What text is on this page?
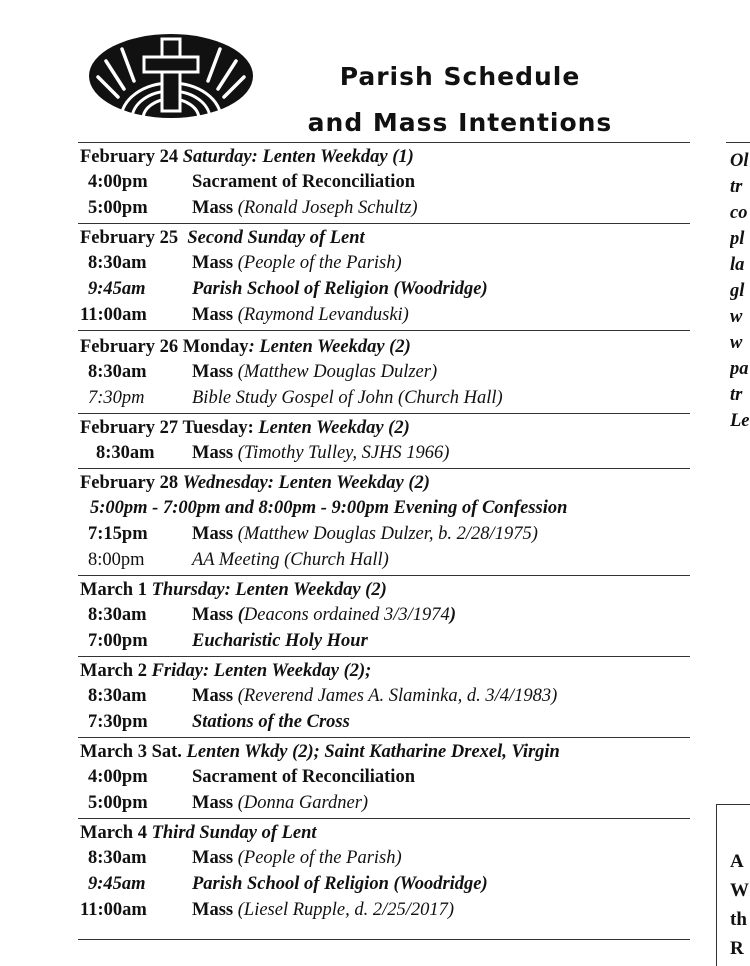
Parish Schedule
and Mass Intentions
February 24 Saturday: Lenten Weekday (1)
4:00pm	Sacrament of Reconciliation
5:00pm	Mass (Ronald Joseph Schultz)
February 25 Second Sunday of Lent
8:30am	Mass (People of the Parish)
9:45am	Parish School of Religion (Woodridge)
11:00am	Mass (Raymond Levanduski)
February 26 Monday: Lenten Weekday (2)
8:30am	Mass (Matthew Douglas Dulzer)
7:30pm	Bible Study Gospel of John (Church Hall)
February 27 Tuesday: Lenten Weekday (2)
8:30am	Mass (Timothy Tulley, SJHS 1966)
February 28 Wednesday: Lenten Weekday (2)
5:00pm - 7:00pm and 8:00pm - 9:00pm Evening of Confession
7:15pm	Mass (Matthew Douglas Dulzer, b. 2/28/1975)
8:00pm	AA Meeting (Church Hall)
March 1 Thursday: Lenten Weekday (2)
8:30am	Mass (Deacons ordained 3/3/1974)
7:00pm	Eucharistic Holy Hour
March 2 Friday: Lenten Weekday (2);
8:30am	Mass (Reverend James A. Slaminka, d. 3/4/1983)
7:30pm	Stations of the Cross
March 3 Sat. Lenten Wkdy (2); Saint Katharine Drexel, Virgin
4:00pm	Sacrament of Reconciliation
5:00pm	Mass (Donna Gardner)
March 4 Third Sunday of Lent
8:30am	Mass (People of the Parish)
9:45am	Parish School of Religion (Woodridge)
11:00am	Mass (Liesel Rupple, d. 2/25/2017)
Ol
tr
co
pl
la
gl
w
w
pa
tr
Le
A
W
th
R
